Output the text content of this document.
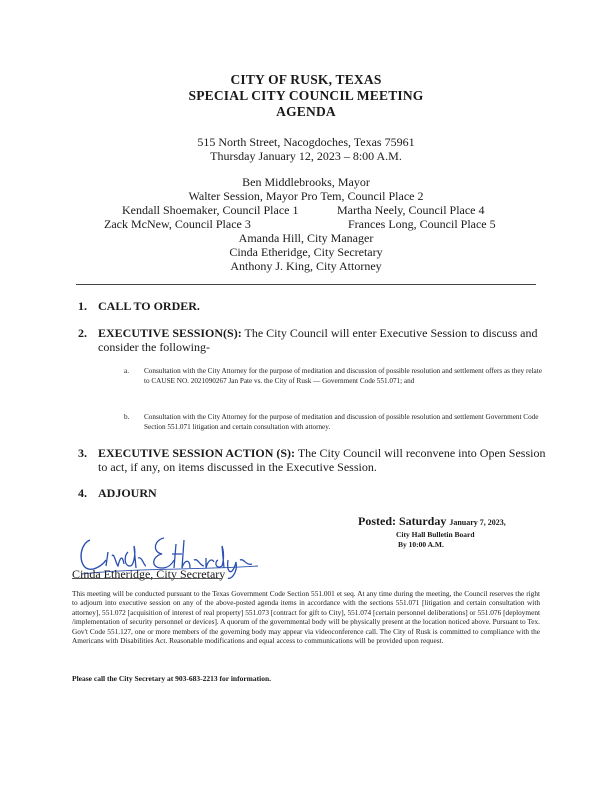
CITY OF RUSK, TEXAS
SPECIAL CITY COUNCIL MEETING
AGENDA
515 North Street, Nacogdoches, Texas 75961
Thursday January 12, 2023 – 8:00 A.M.
Ben Middlebrooks, Mayor
Walter Session, Mayor Pro Tem, Council Place 2
Kendall Shoemaker, Council Place 1	Martha Neely, Council Place 4
Zack McNew, Council Place 3	Frances Long, Council Place 5
Amanda Hill, City Manager
Cinda Etheridge, City Secretary
Anthony J. King, City Attorney
1. CALL TO ORDER.
2. EXECUTIVE SESSION(S): The City Council will enter Executive Session to discuss and consider the following-
a. Consultation with the City Attorney for the purpose of meditation and discussion of possible resolution and settlement offers as they relate to CAUSE NO. 2021090267 Jan Pate vs. the City of Rusk — Government Code 551.071; and
b. Consultation with the City Attorney for the purpose of meditation and discussion of possible resolution and settlement Government Code Section 551.071 litigation and certain consultation with attorney.
3. EXECUTIVE SESSION ACTION (S): The City Council will reconvene into Open Session to act, if any, on items discussed in the Executive Session.
4. ADJOURN
Posted: Saturday January 7, 2023,
City Hall Bulletin Board
By 10:00 A.M.
Cinda Etheridge, City Secretary
This meeting will be conducted pursuant to the Texas Government Code Section 551.001 et seq. At any time during the meeting, the Council reserves the right to adjourn into executive session on any of the above-posted agenda items in accordance with the sections 551.071 [litigation and certain consultation with attorney], 551.072 [acquisition of interest of real property] 551.073 [contract for gift to City], 551.074 [certain personnel deliberations] or 551.076 [deployment /implementation of security personnel or devices]. A quorum of the governmental body will be physically present at the location noticed above. Pursuant to Tex. Gov't Code 551.127, one or more members of the governing body may appear via videoconference call. The City of Rusk is committed to compliance with the Americans with Disabilities Act. Reasonable modifications and equal access to communications will be provided upon request.
Please call the City Secretary at 903-683-2213 for information.
